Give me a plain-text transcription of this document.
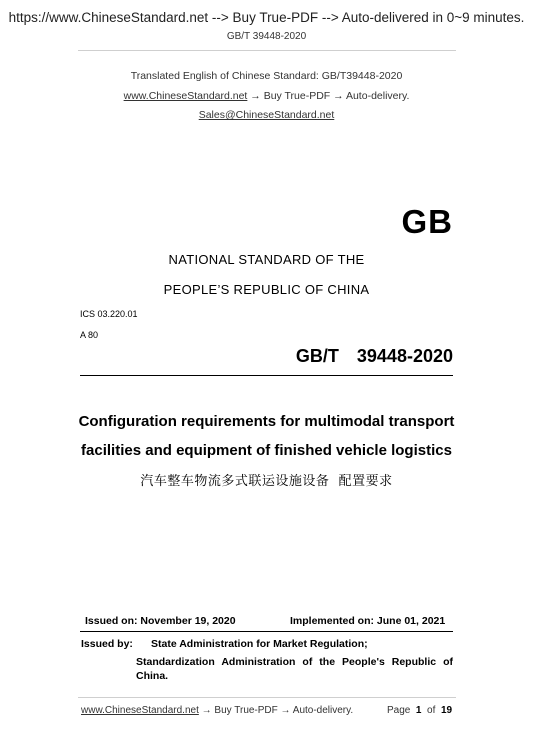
https://www.ChineseStandard.net --> Buy True-PDF --> Auto-delivered in 0~9 minutes.
GB/T 39448-2020
Translated English of Chinese Standard: GB/T39448-2020
www.ChineseStandard.net → Buy True-PDF → Auto-delivery.
Sales@ChineseStandard.net
GB
NATIONAL STANDARD OF THE
PEOPLE’S REPUBLIC OF CHINA
ICS 03.220.01
A 80
GB/T  39448-2020
Configuration requirements for multimodal transport
facilities and equipment of finished vehicle logistics
汽车整车物流多式联运设施设备  配置要求
Issued on: November 19, 2020	Implemented on: June 01, 2021
Issued by: State Administration for Market Regulation;
Standardization Administration of the People's Republic of
China.
www.ChineseStandard.net → Buy True-PDF → Auto-delivery.	Page 1 of 19
